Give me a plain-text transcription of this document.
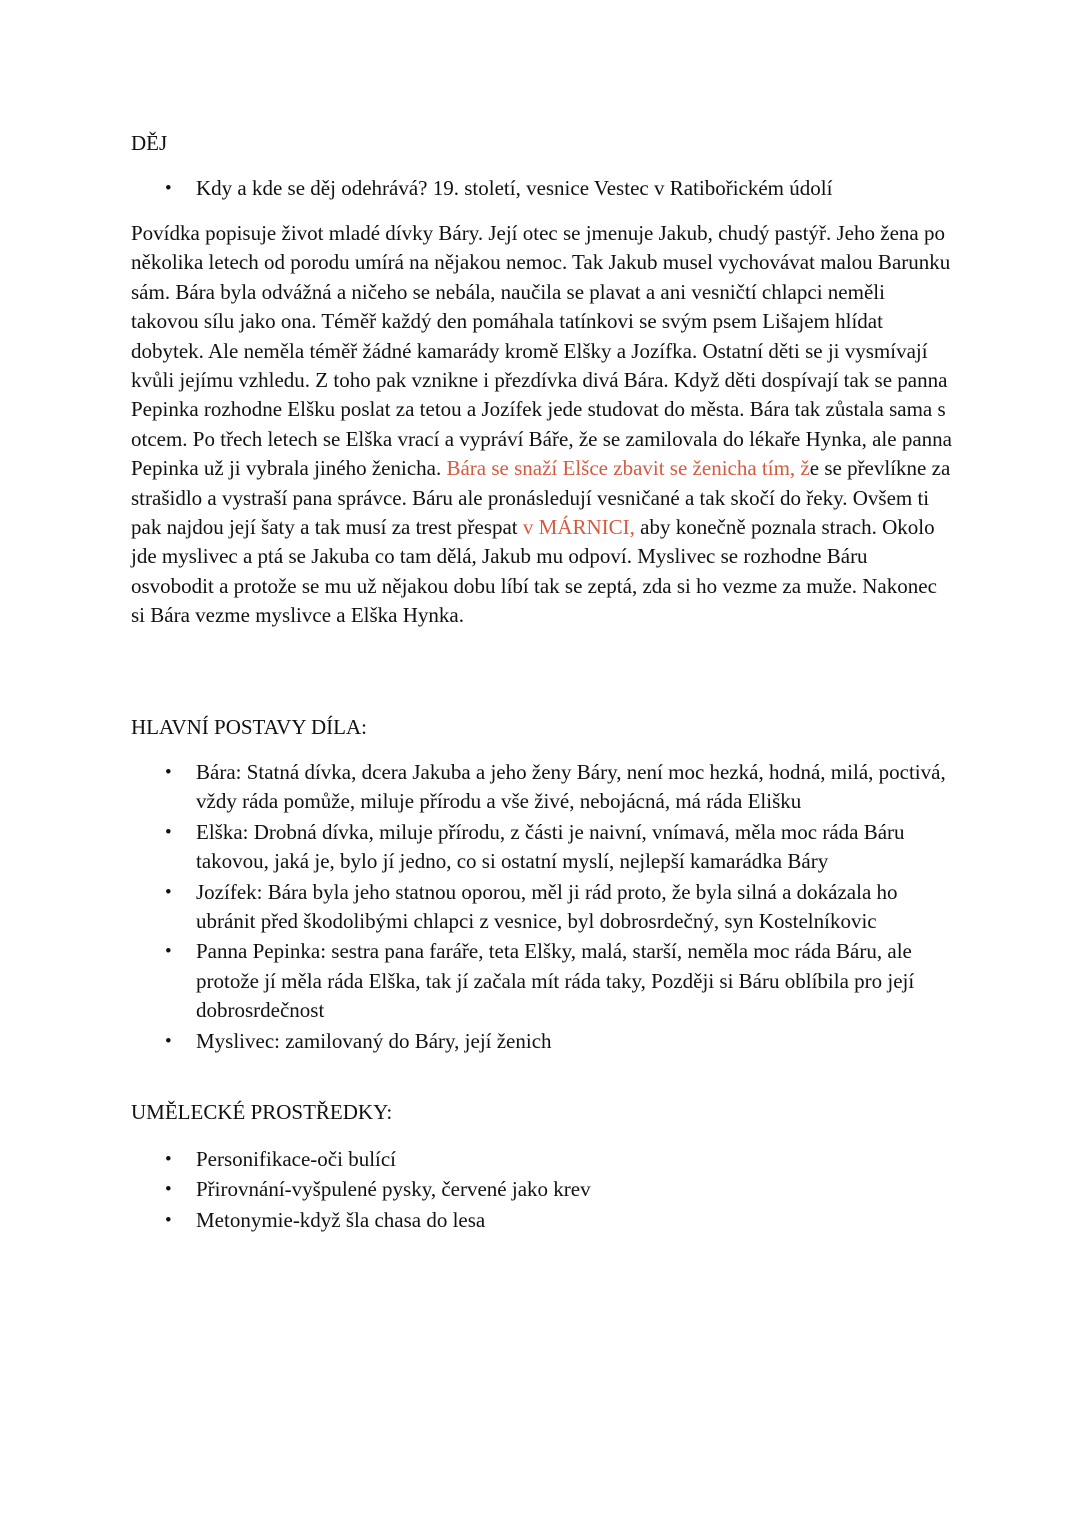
DĚJ
• Kdy a kde se děj odehrává? 19. století, vesnice Vestec v Ratibořickém údolí

Povídka popisuje život mladé dívky Báry. Její otec se jmenuje Jakub, chudý pastýř. Jeho žena po několika letech od porodu umírá na nějakou nemoc. Tak Jakub musel vychovávat malou Barunku sám. Bára byla odvážná a ničeho se nebála, naučila se plavat a ani vesničtí chlapci neměli takovou sílu jako ona. Téměř každý den pomáhala tatínkovi se svým psem Lišajem hlídat dobytek. Ale neměla téměř žádné kamarády kromě Elšky a Jozífka. Ostatní děti se ji vysmívají kvůli jejímu vzhledu. Z toho pak vznikne i přezdívka divá Bára. Když děti dospívají tak se panna Pepinka rozhodne Elšku poslat za tetou a Jozífek jede studovat do města. Bára tak zůstala sama s otcem. Po třech letech se Elška vrací a vypráví Báře, že se zamilovala do lékaře Hynka, ale panna Pepinka už ji vybrala jiného ženicha. Bára se snaží Elšce zbavit se ženicha tím, že se převlíkne za strašidlo a vystraší pana správce. Báru ale pronásledují vesničané a tak skočí do řeky. Ovšem ti pak najdou její šaty a tak musí za trest přespat v MÁRNICI, aby konečně poznala strach. Okolo jde myslivec a ptá se Jakuba co tam dělá, Jakub mu odpoví. Myslivec se rozhodne Báru osvobodit a protože se mu už nějakou dobu líbí tak se zeptá, zda si ho vezme za muže. Nakonec si Bára vezme myslivce a Elška Hynka.

HLAVNÍ POSTAVY DÍLA:
• Bára: Statná dívka, dcera Jakuba a jeho ženy Báry, není moc hezká, hodná, milá, poctivá, vždy ráda pomůže, miluje přírodu a vše živé, nebojácná, má ráda Elišku
• Elška: Drobná dívka, miluje přírodu, z části je naivní, vnímavá, měla moc ráda Báru takovou, jaká je, bylo jí jedno, co si ostatní myslí, nejlepší kamarádka Báry
• Jozífek: Bára byla jeho statnou oporou, měl ji rád proto, že byla silná a dokázala ho ubránit před škodolibými chlapci z vesnice, byl dobrosrdečný, syn Kostelníkovic
• Panna Pepinka: sestra pana faráře, teta Elšky, malá, starší, neměla moc ráda Báru, ale protože jí měla ráda Elška, tak jí začala mít ráda taky, Později si Báru oblíbila pro její dobrosrdečnost
• Myslivec: zamilovaný do Báry, její ženich
UMĚLECKÉ PROSTŘEDKY:
• Personifikace-oči bulící
• Přirovnání-vyšpulené pysky, červené jako krev
• Metonymie-když šla chasa do lesa
